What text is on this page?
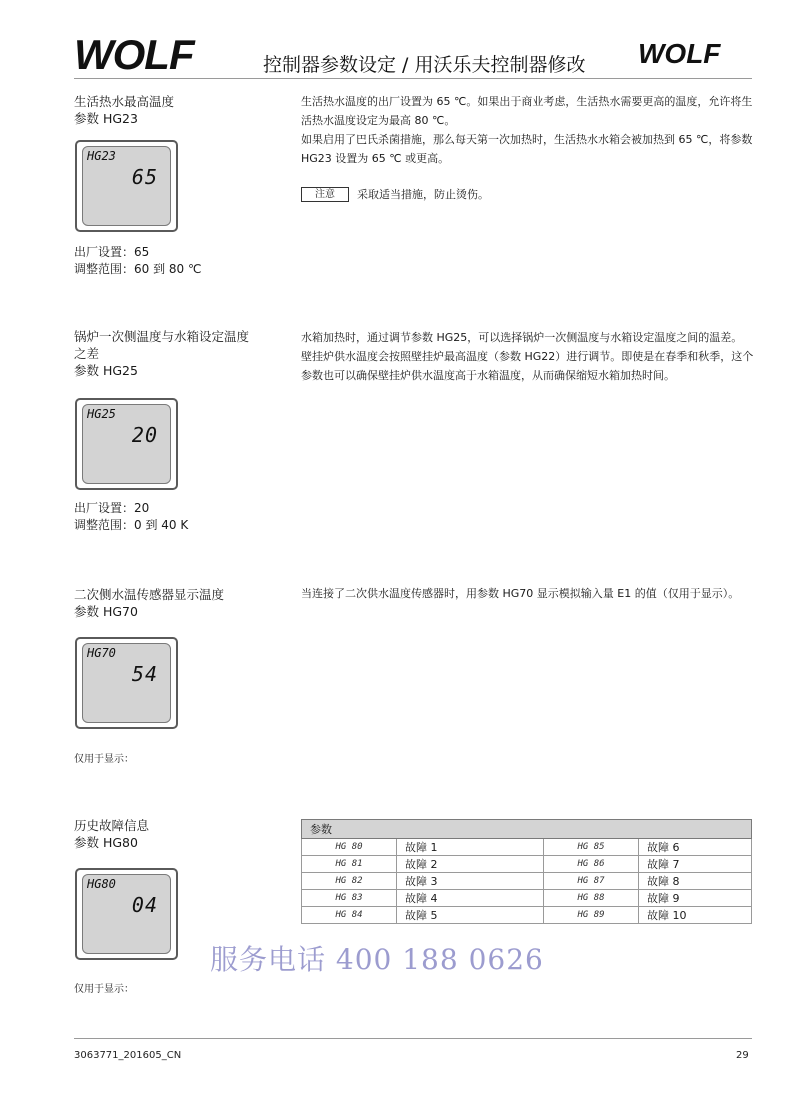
WOLF	控制器参数设定 / 用沃乐夫控制器修改	WOLF
生活热水最高温度
参数 HG23
HG23
65
出厂设置：65
调整范围：60 到 80 ℃

生活热水温度的出厂设置为 65 ℃。如果出于商业考虑，生活热水需要更高的温度，允许将生活热水温度设定为最高 80 ℃。

如果启用了巴氏杀菌措施，那么每天第一次加热时，生活热水水箱会被加热到 65 ℃，将参数 HG23 设置为 65 ℃ 或更高。

注意	采取适当措施，防止烫伤。
锅炉一次侧温度与水箱设定温度
之差
参数 HG25
HG25
20
出厂设置：20
调整范围：0 到 40 K

水箱加热时，通过调节参数 HG25，可以选择锅炉一次侧温度与水箱设定温度之间的温差。

壁挂炉供水温度会按照壁挂炉最高温度（参数 HG22）进行调节。即使是在春季和秋季，这个参数也可以确保壁挂炉供水温度高于水箱温度，从而确保缩短水箱加热时间。

二次侧水温传感器显示温度
参数 HG70
HG70
54
仅用于显示：

当连接了二次供水温度传感器时，用参数 HG70 显示模拟输入量 E1 的值（仅用于显示）。

历史故障信息
参数 HG80
HG80
04
仅用于显示：
参数			
HG 80	故障 1	HG 85	故障 6
HG 81	故障 2	HG 86	故障 7
HG 82	故障 3	HG 87	故障 8
HG 83	故障 4	HG 88	故障 9
HG 84	故障 5	HG 89	故障 10
服务电话 400 188 0626
3063771_201605_CN	29
